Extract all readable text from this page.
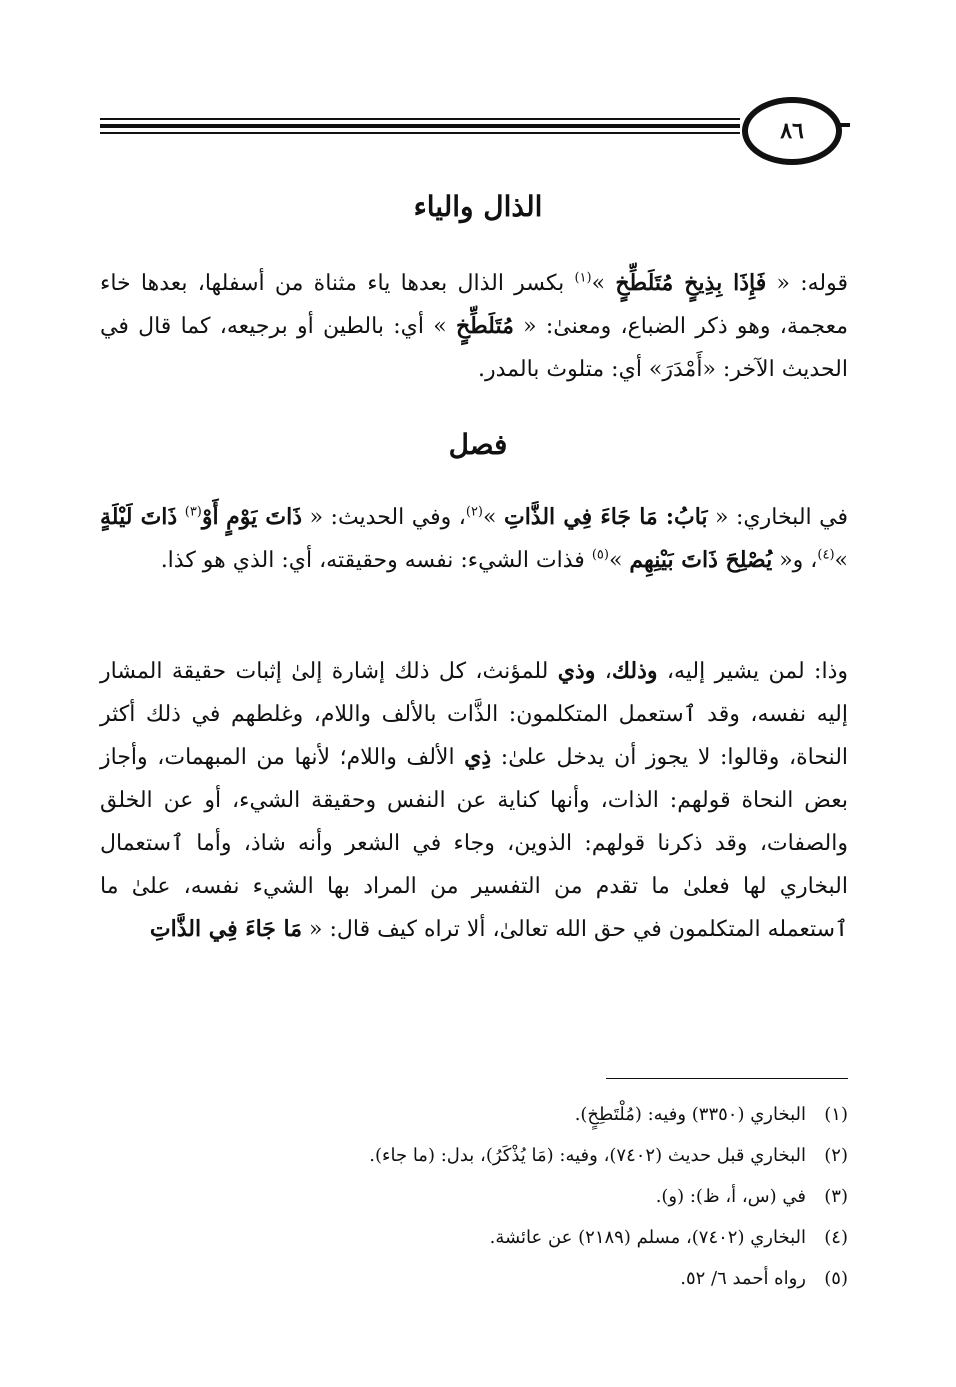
٨٦
الذال والياء
قوله: « فَإِذَا بِذِيخٍ مُتَلَطِّخٍ »$^{(١)}$ بكسر الذال بعدها ياء مثناة من أسفلها، بعدها خاء معجمة، وهو ذكر الضباع، ومعنىٰ: « مُتَلَطِّخٍ » أي: بالطين أو برجيعه، كما قال في الحديث الآخر: «أَمْدَرَ» أي: متلوث بالمدر.
فصل
في البخاري: « بَابُ: مَا جَاءَ فِي الذَّاتِ »$^{(٢)}$، وفي الحديث: « ذَاتَ يَوْمٍ أَوْ$^{(٣)}$ ذَاتَ لَيْلَةٍ »$^{(٤)}$، و« يُصْلِحَ ذَاتَ بَيْنِهِم »$^{(٥)}$ فذات الشيء: نفسه وحقيقته، أي: الذي هو كذا.
وذا: لمن يشير إليه، وذلك، وذي للمؤنث، كل ذلك إشارة إلىٰ إثبات حقيقة المشار إليه نفسه، وقد ٱستعمل المتكلمون: الذَّات بالألف واللام، وغلطهم في ذلك أكثر النحاة، وقالوا: لا يجوز أن يدخل علىٰ: ذِي الألف واللام؛ لأنها من المبهمات، وأجاز بعض النحاة قولهم: الذات، وأنها كناية عن النفس وحقيقة الشيء، أو عن الخلق والصفات، وقد ذكرنا قولهم: الذوين، وجاء في الشعر وأنه شاذ، وأما ٱستعمال البخاري لها فعلىٰ ما تقدم من التفسير من المراد بها الشيء نفسه، علىٰ ما ٱستعمله المتكلمون في حق الله تعالىٰ، ألا تراه كيف قال: « مَا جَاءَ فِي الذَّاتِ
(١)
البخاري (٣٣٥٠) وفيه: (مُلْتَطِخٍ).
(٢)
البخاري قبل حديث (٧٤٠٢)، وفيه: (مَا يُذْكَرُ)، بدل: (ما جاء).
(٣)
في (س، أ، ظ): (و).
(٤)
البخاري (٧٤٠٢)، مسلم (٢١٨٩) عن عائشة.
(٥)
رواه أحمد ٦/ ٥٢.
